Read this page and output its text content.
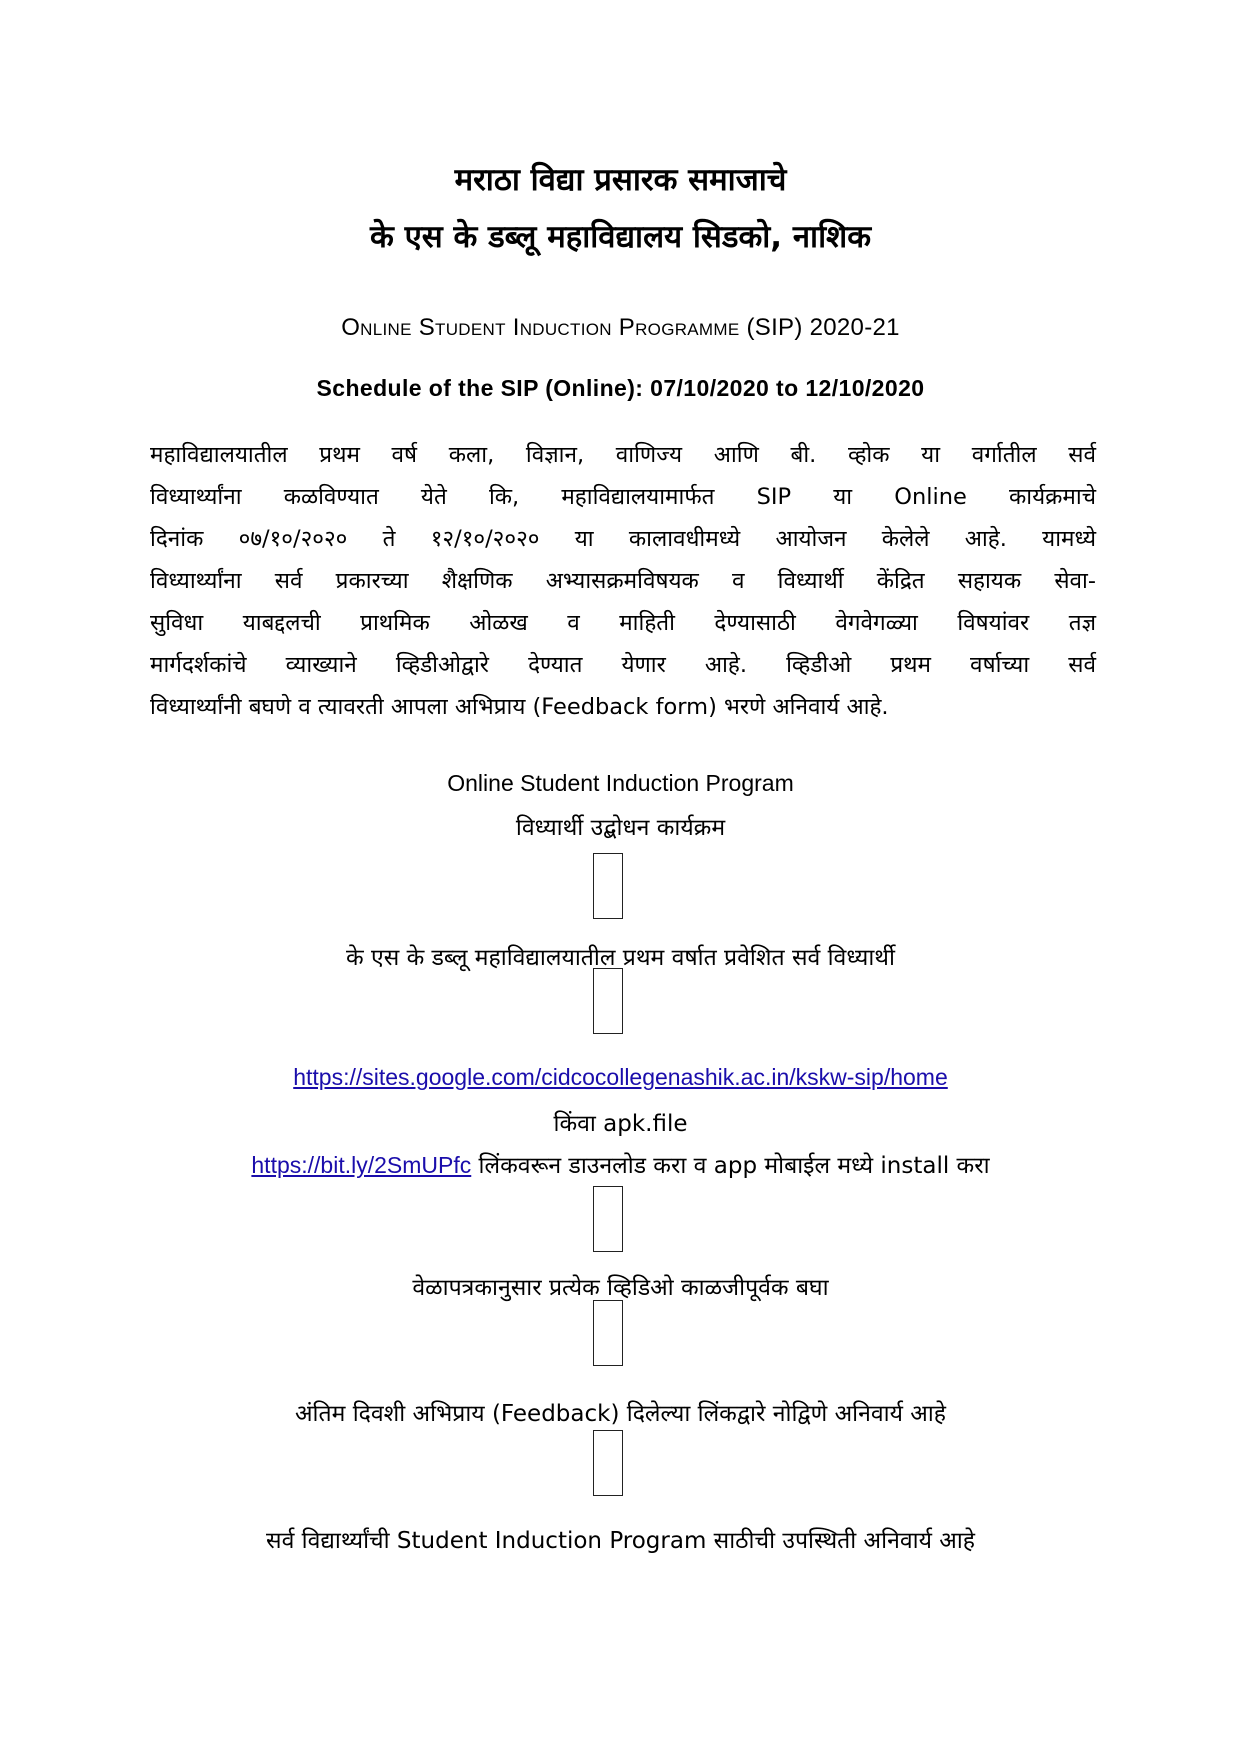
मराठा विद्या प्रसारक समाजाचे
के एस के डब्लू महाविद्यालय सिडको, नाशिक
Online Student Induction Programme (SIP) 2020-21
Schedule of the SIP (Online): 07/10/2020 to 12/10/2020
महाविद्यालयातील प्रथम वर्ष कला, विज्ञान, वाणिज्य आणि बी. व्होक या वर्गातील सर्व
विध्यार्थ्यांना कळविण्यात येते कि, महाविद्यालयामार्फत SIP या Online कार्यक्रमाचे
दिनांक ०७/१०/२०२० ते १२/१०/२०२० या कालावधीमध्ये आयोजन केलेले आहे. यामध्ये
विध्यार्थ्यांना सर्व प्रकारच्या शैक्षणिक अभ्यासक्रमविषयक व विध्यार्थी केंद्रित सहायक सेवा-
सुविधा याबद्दलची प्राथमिक ओळख व माहिती देण्यासाठी वेगवेगळ्या विषयांवर तज्ञ
मार्गदर्शकांचे व्याख्याने व्हिडीओद्वारे देण्यात येणार आहे. व्हिडीओ प्रथम वर्षाच्या सर्व
विध्यार्थ्यांनी बघणे व त्यावरती आपला अभिप्राय (Feedback form) भरणे अनिवार्य आहे.
Online Student Induction Program
विध्यार्थी उद्बोधन कार्यक्रम
के एस के डब्लू महाविद्यालयातील प्रथम वर्षात प्रवेशित सर्व विध्यार्थी
https://sites.google.com/cidcocollegenashik.ac.in/kskw-sip/home
किंवा apk.file
https://bit.ly/2SmUPfc लिंकवरून डाउनलोड करा व app मोबाईल मध्ये install करा
वेळापत्रकानुसार प्रत्येक व्हिडिओ काळजीपूर्वक बघा
अंतिम दिवशी अभिप्राय (Feedback) दिलेल्या लिंकद्वारे नोद्विणे अनिवार्य आहे
सर्व विद्यार्थ्यांची Student Induction Program साठीची उपस्थिती अनिवार्य आहे
